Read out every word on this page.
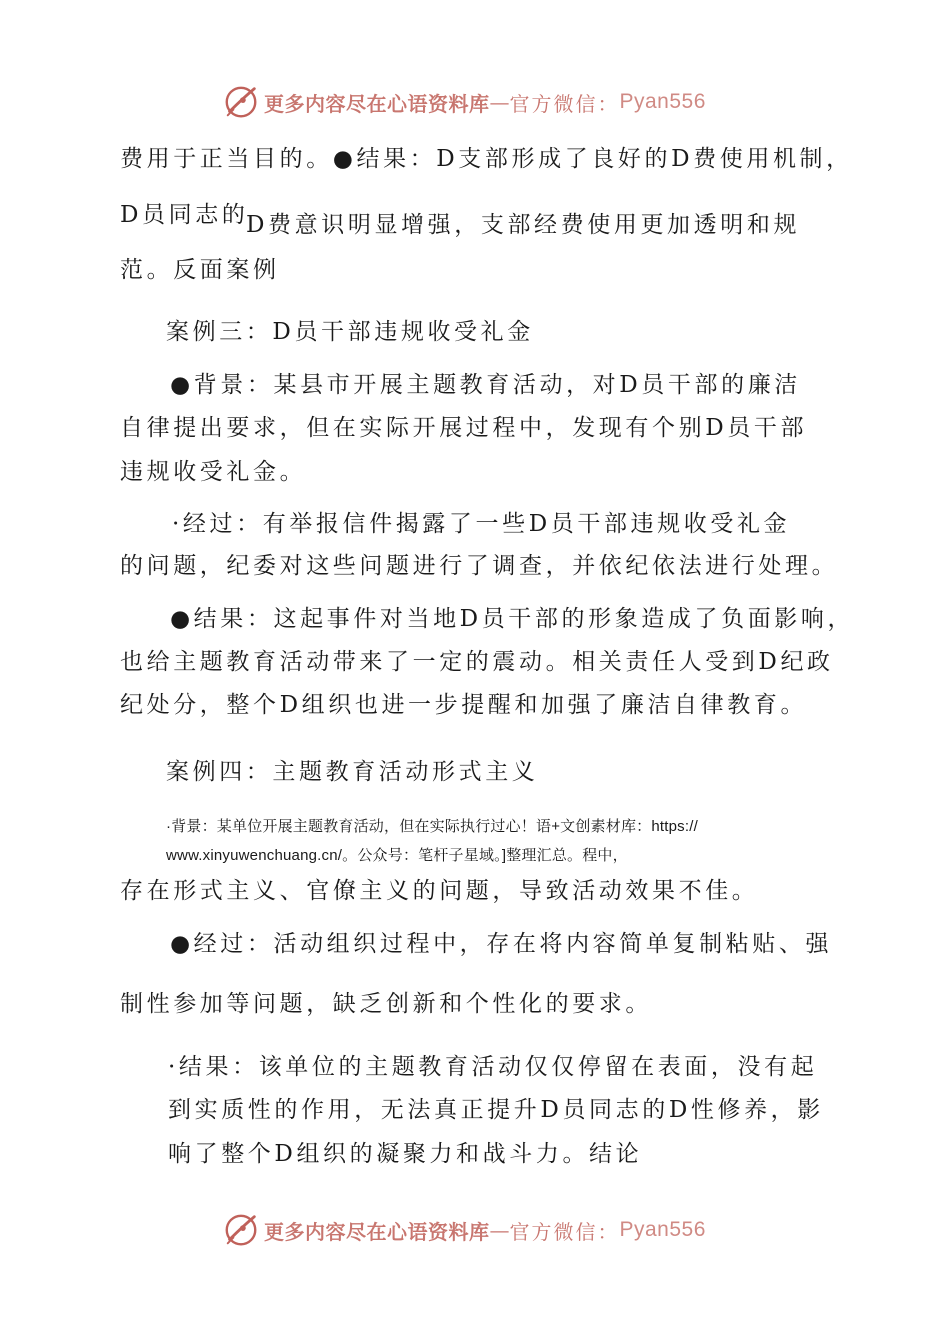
更多内容尽在心语资料库 — 官方微信： Pyan556
费用于正当目的。●结果：D支部形成了良好的D费使用机制，
D员同志的
D费意识明显增强，支部经费使用更加透明和规
范。反面案例
案例三：D员干部违规收受礼金
●背景：某县市开展主题教育活动，对D员干部的廉洁
自律提出要求，但在实际开展过程中，发现有个别D员干部
违规收受礼金。
·经过：有举报信件揭露了一些D员干部违规收受礼金
的问题，纪委对这些问题进行了调查，并依纪依法进行处理。
●结果：这起事件对当地D员干部的形象造成了负面影响，
也给主题教育活动带来了一定的震动。相关责任人受到D纪政
纪处分，整个D组织也进一步提醒和加强了廉洁自律教育。
案例四：主题教育活动形式主义
·背景：某单位开展主题教育活动，但在实际执行过心！语+文创素材库：https://
www.xinyuwenchuang.cn/。公众号：笔杆子星域。]整理汇总。程中，
存在形式主义、官僚主义的问题，导致活动效果不佳。
●经过：活动组织过程中，存在将内容简单复制粘贴、强
制性参加等问题，缺乏创新和个性化的要求。
·结果：该单位的主题教育活动仅仅停留在表面，没有起
到实质性的作用，无法真正提升D员同志的D性修养，影
响了整个D组织的凝聚力和战斗力。结论
更多内容尽在心语资料库 — 官方微信： Pyan556
